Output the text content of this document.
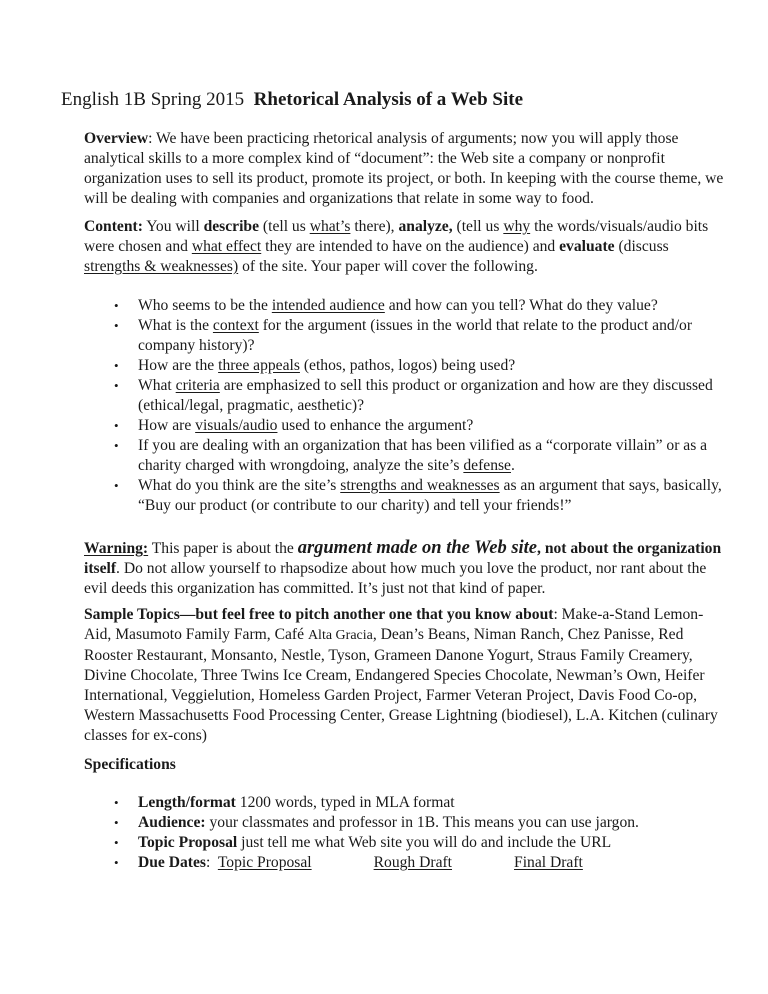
English 1B Spring 2015 Rhetorical Analysis of a Web Site
Overview: We have been practicing rhetorical analysis of arguments; now you will apply those analytical skills to a more complex kind of “document”: the Web site a company or nonprofit organization uses to sell its product, promote its project, or both. In keeping with the course theme, we will be dealing with companies and organizations that relate in some way to food.
Content: You will describe (tell us what’s there), analyze, (tell us why the words/visuals/audio bits were chosen and what effect they are intended to have on the audience) and evaluate (discuss strengths & weaknesses) of the site. Your paper will cover the following.
• Who seems to be the intended audience and how can you tell? What do they value?
• What is the context for the argument (issues in the world that relate to the product and/or company history)?
• How are the three appeals (ethos, pathos, logos) being used?
• What criteria are emphasized to sell this product or organization and how are they discussed (ethical/legal, pragmatic, aesthetic)?
• How are visuals/audio used to enhance the argument?
• If you are dealing with an organization that has been vilified as a “corporate villain” or as a charity charged with wrongdoing, analyze the site’s defense.
• What do you think are the site’s strengths and weaknesses as an argument that says, basically, “Buy our product (or contribute to our charity) and tell your friends!”
Warning: This paper is about the argument made on the Web site, not about the organization itself. Do not allow yourself to rhapsodize about how much you love the product, nor rant about the evil deeds this organization has committed. It’s just not that kind of paper.
Sample Topics—but feel free to pitch another one that you know about: Make-a-Stand Lemon-Aid, Masumoto Family Farm, Café Alta Gracia, Dean’s Beans, Niman Ranch, Chez Panisse, Red Rooster Restaurant, Monsanto, Nestle, Tyson, Grameen Danone Yogurt, Straus Family Creamery, Divine Chocolate, Three Twins Ice Cream, Endangered Species Chocolate, Newman’s Own, Heifer International, Veggielution, Homeless Garden Project, Farmer Veteran Project, Davis Food Co-op, Western Massachusetts Food Processing Center, Grease Lightning (biodiesel), L.A. Kitchen (culinary classes for ex-cons)
Specifications
• Length/format 1200 words, typed in MLA format
• Audience: your classmates and professor in 1B. This means you can use jargon.
• Topic Proposal just tell me what Web site you will do and include the URL
• Due Dates:  Topic Proposal	Rough Draft	Final Draft
